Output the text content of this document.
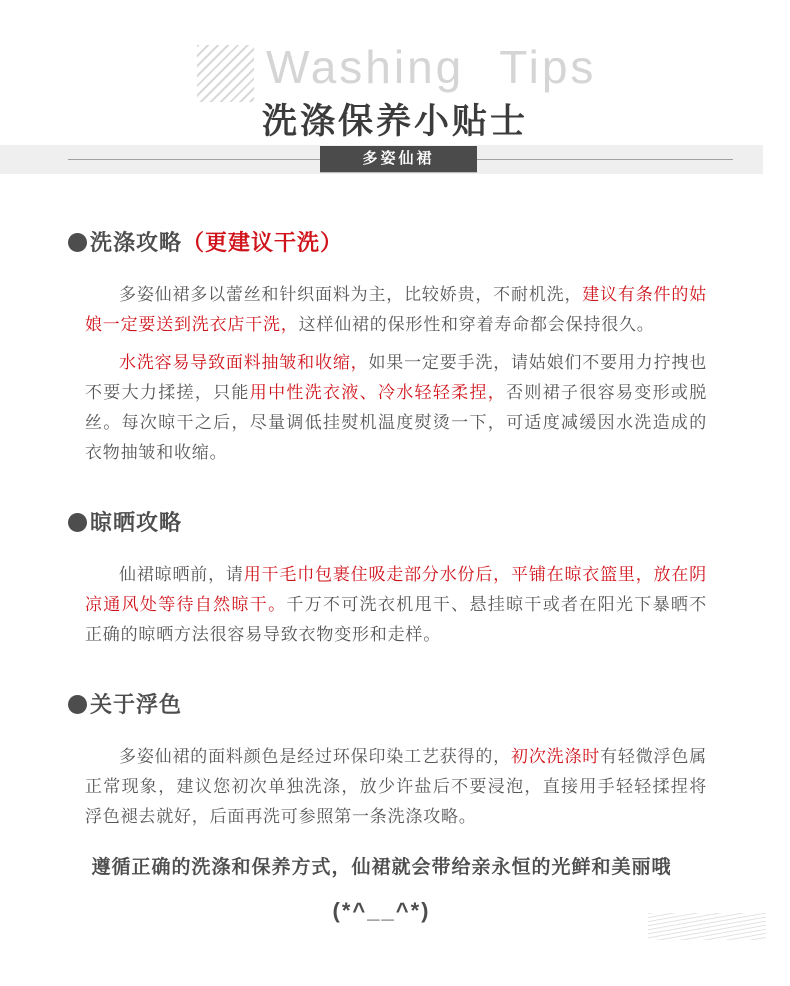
Washing Tips
洗涤保养小贴士
多姿仙裙
洗涤攻略（更建议干洗）

多姿仙裙多以蕾丝和针织面料为主，比较娇贵，不耐机洗，建议有条件的姑娘一定要送到洗衣店干洗，这样仙裙的保形性和穿着寿命都会保持很久。

水洗容易导致面料抽皱和收缩，如果一定要手洗，请姑娘们不要用力拧拽也不要大力揉搓，只能用中性洗衣液、冷水轻轻柔捏，否则裙子很容易变形或脱丝。每次晾干之后，尽量调低挂熨机温度熨烫一下，可适度减缓因水洗造成的衣物抽皱和收缩。

晾晒攻略

仙裙晾晒前，请用干毛巾包裹住吸走部分水份后，平铺在晾衣篮里，放在阴凉通风处等待自然晾干。千万不可洗衣机甩干、悬挂晾干或者在阳光下暴晒不正确的晾晒方法很容易导致衣物变形和走样。

关于浮色

多姿仙裙的面料颜色是经过环保印染工艺获得的，初次洗涤时有轻微浮色属正常现象，建议您初次单独洗涤，放少许盐后不要浸泡，直接用手轻轻揉捏将浮色褪去就好，后面再洗可参照第一条洗涤攻略。

遵循正确的洗涤和保养方式，仙裙就会带给亲永恒的光鲜和美丽哦
(*^__^*)
